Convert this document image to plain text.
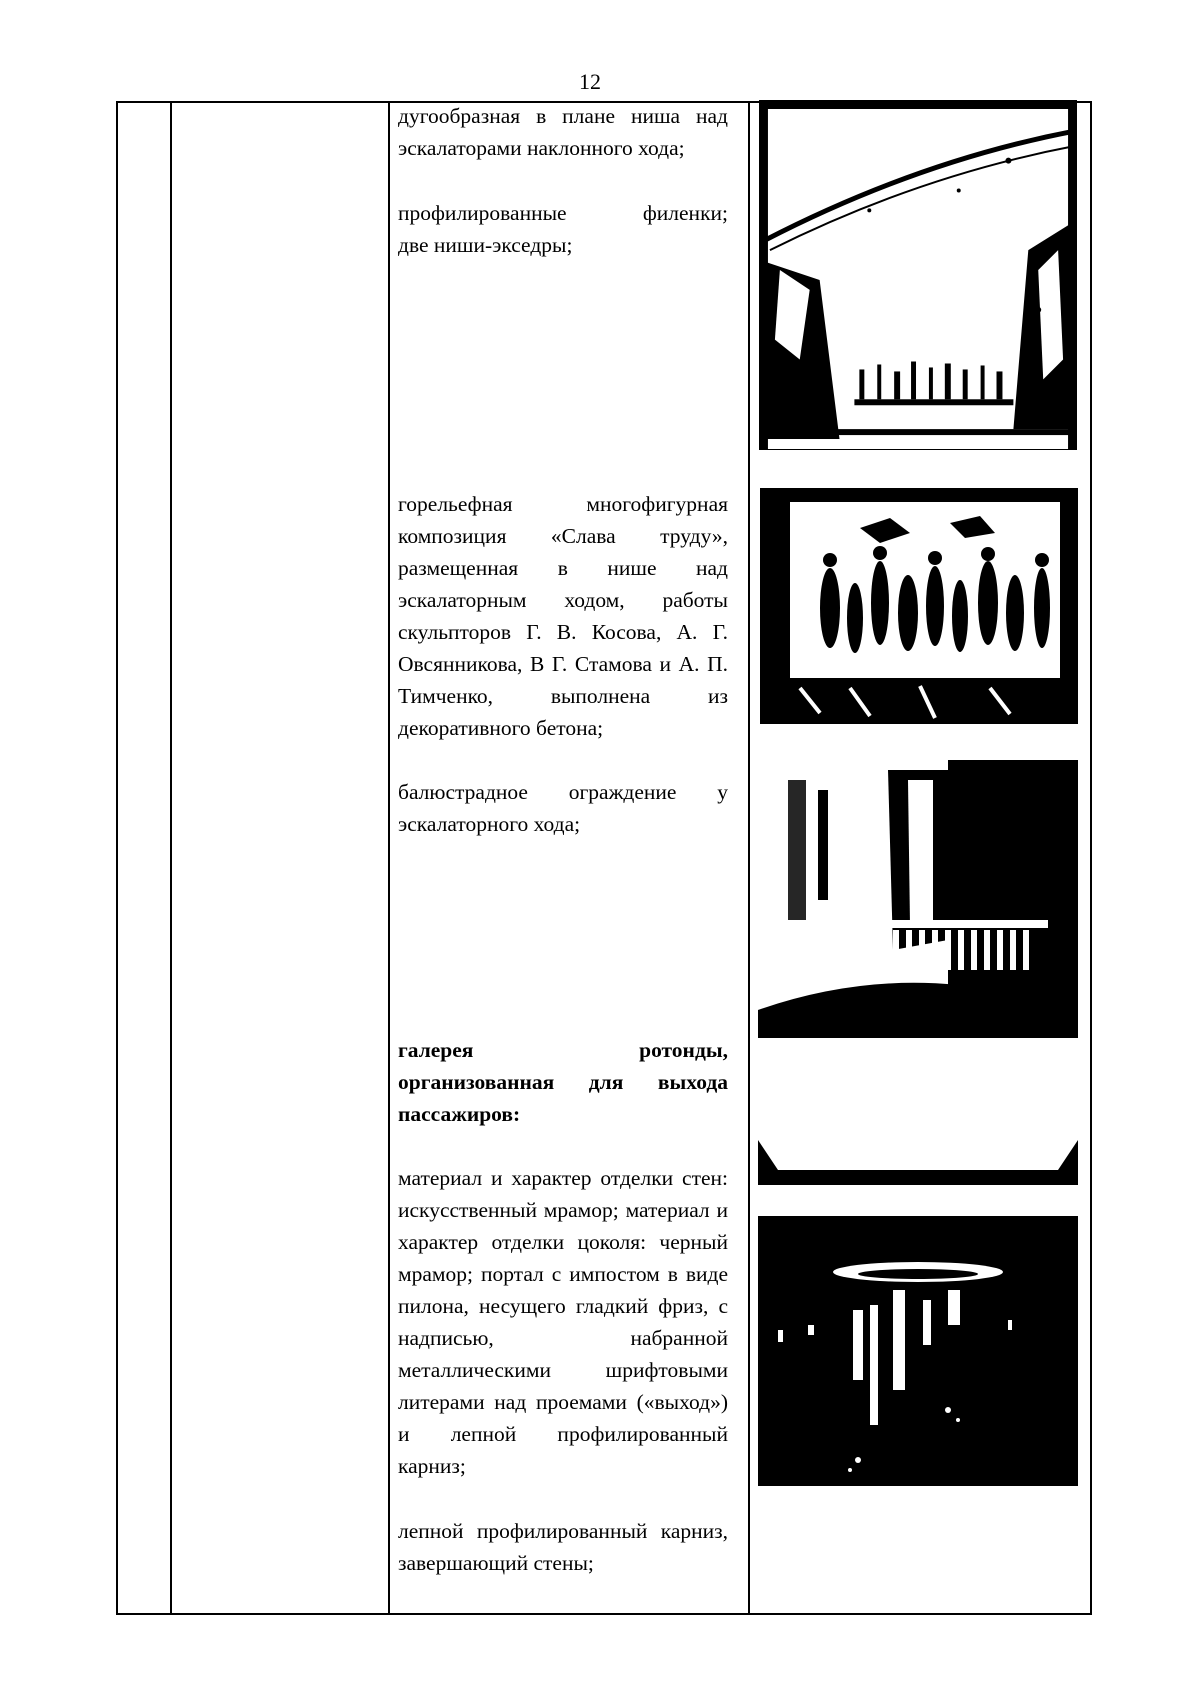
12

дугообразная в плане ниша над

эскалаторами наклонного хода;

профилированные филенки;

две ниши-экседры;

горельефная многофигурная композиция «Слава труду», размещенная в нише над эскалаторным ходом, работы скульпторов Г. В. Косова, А. Г. Овсянникова, В Г. Стамова и А. П. Тимченко, выполнена из декоративного бетона;

балюстрадное ограждение у эскалаторного хода;

галерея ротонды, организованная для выхода пассажиров:

материал и характер отделки стен: искусственный мрамор; материал и характер отделки цоколя: черный мрамор; портал с импостом в виде пилона, несущего гладкий фриз, с надписью, набранной металлическими шрифтовыми литерами над проемами («выход») и лепной профилированный карниз;

лепной профилированный карниз, завершающий стены;
